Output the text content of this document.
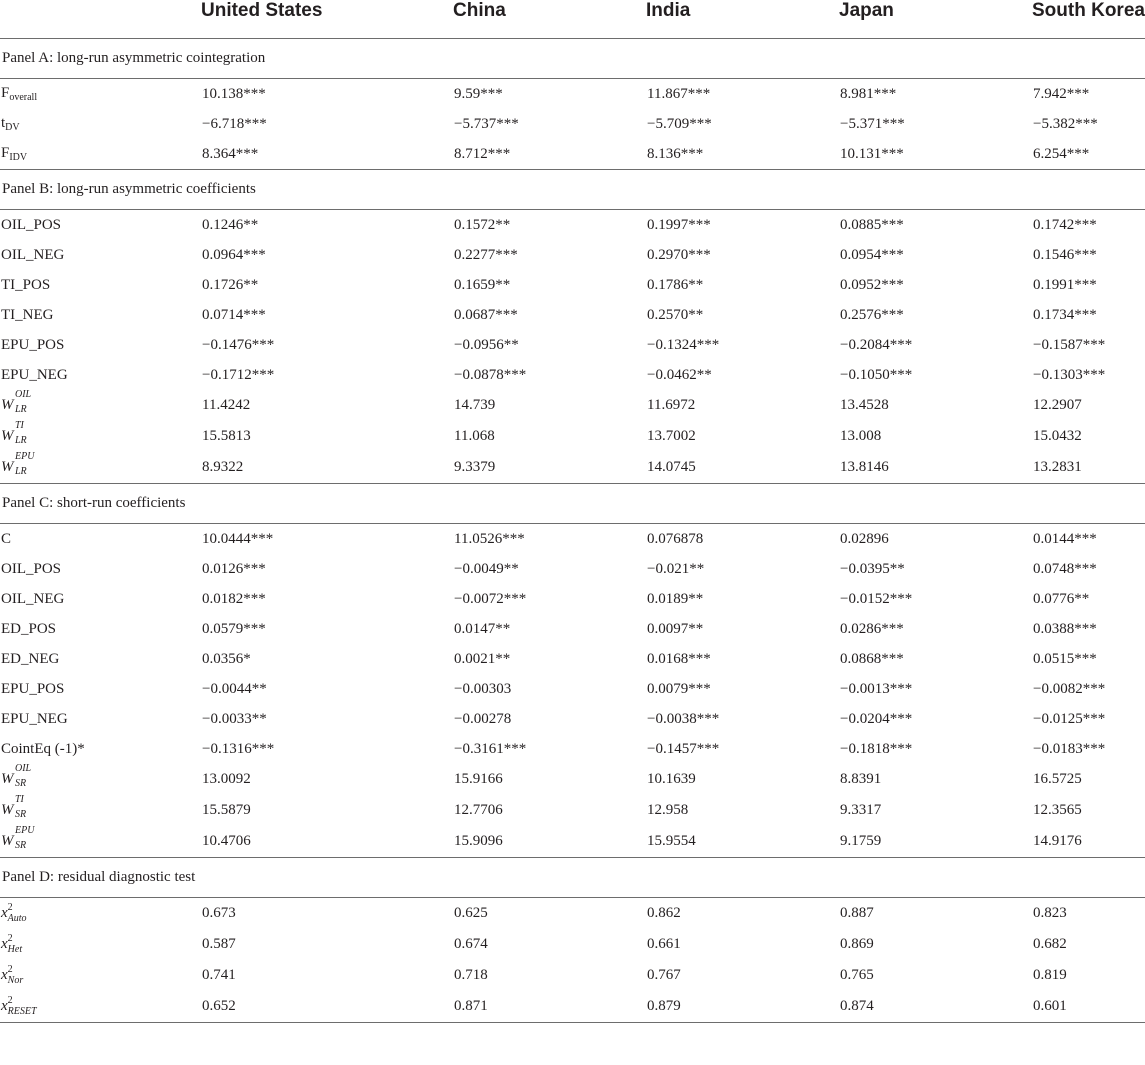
	United States	China	India	Japan	South Korea
Panel A: long-run asymmetric cointegration					
$F_{overall}$	10.138***	9.59***	11.867***	8.981***	7.942***
$t_{DV}$	−6.718***	−5.737***	−5.709***	−5.371***	−5.382***
$F_{IDV}$	8.364***	8.712***	8.136***	10.131***	6.254***
Panel B: long-run asymmetric coefficients					
OIL_POS	0.1246**	0.1572**	0.1997***	0.0885***	0.1742***
OIL_NEG	0.0964***	0.2277***	0.2970***	0.0954***	0.1546***
TI_POS	0.1726**	0.1659**	0.1786**	0.0952***	0.1991***
TI_NEG	0.0714***	0.0687***	0.2570**	0.2576***	0.1734***
EPU_POS	−0.1476***	−0.0956**	−0.1324***	−0.2084***	−0.1587***
EPU_NEG	−0.1712***	−0.0878***	−0.0462**	−0.1050***	−0.1303***
W
OIL
LR	11.4242	14.739	11.6972	13.4528	12.2907
W
TI
LR	15.5813	11.068	13.7002	13.008	15.0432
W
EPU
LR	8.9322	9.3379	14.0745	13.8146	13.2831
Panel C: short-run coefficients					
C	10.0444***	11.0526***	0.076878	0.02896	0.0144***
OIL_POS	0.0126***	−0.0049**	−0.021**	−0.0395**	0.0748***
OIL_NEG	0.0182***	−0.0072***	0.0189**	−0.0152***	0.0776**
ED_POS	0.0579***	0.0147**	0.0097**	0.0286***	0.0388***
ED_NEG	0.0356*	0.0021**	0.0168***	0.0868***	0.0515***
EPU_POS	−0.0044**	−0.00303	0.0079***	−0.0013***	−0.0082***
EPU_NEG	−0.0033**	−0.00278	−0.0038***	−0.0204***	−0.0125***
CointEq (-1)*	−0.1316***	−0.3161***	−0.1457***	−0.1818***	−0.0183***
W
OIL
SR	13.0092	15.9166	10.1639	8.8391	16.5725
W
TI
SR	15.5879	12.7706	12.958	9.3317	12.3565
W
EPU
SR	10.4706	15.9096	15.9554	9.1759	14.9176
Panel D: residual diagnostic test					
$x^2_{Auto}$	0.673	0.625	0.862	0.887	0.823
$x^2_{Het}$	0.587	0.674	0.661	0.869	0.682
$x^2_{Nor}$	0.741	0.718	0.767	0.765	0.819
$x^2_{RESET}$	0.652	0.871	0.879	0.874	0.601
